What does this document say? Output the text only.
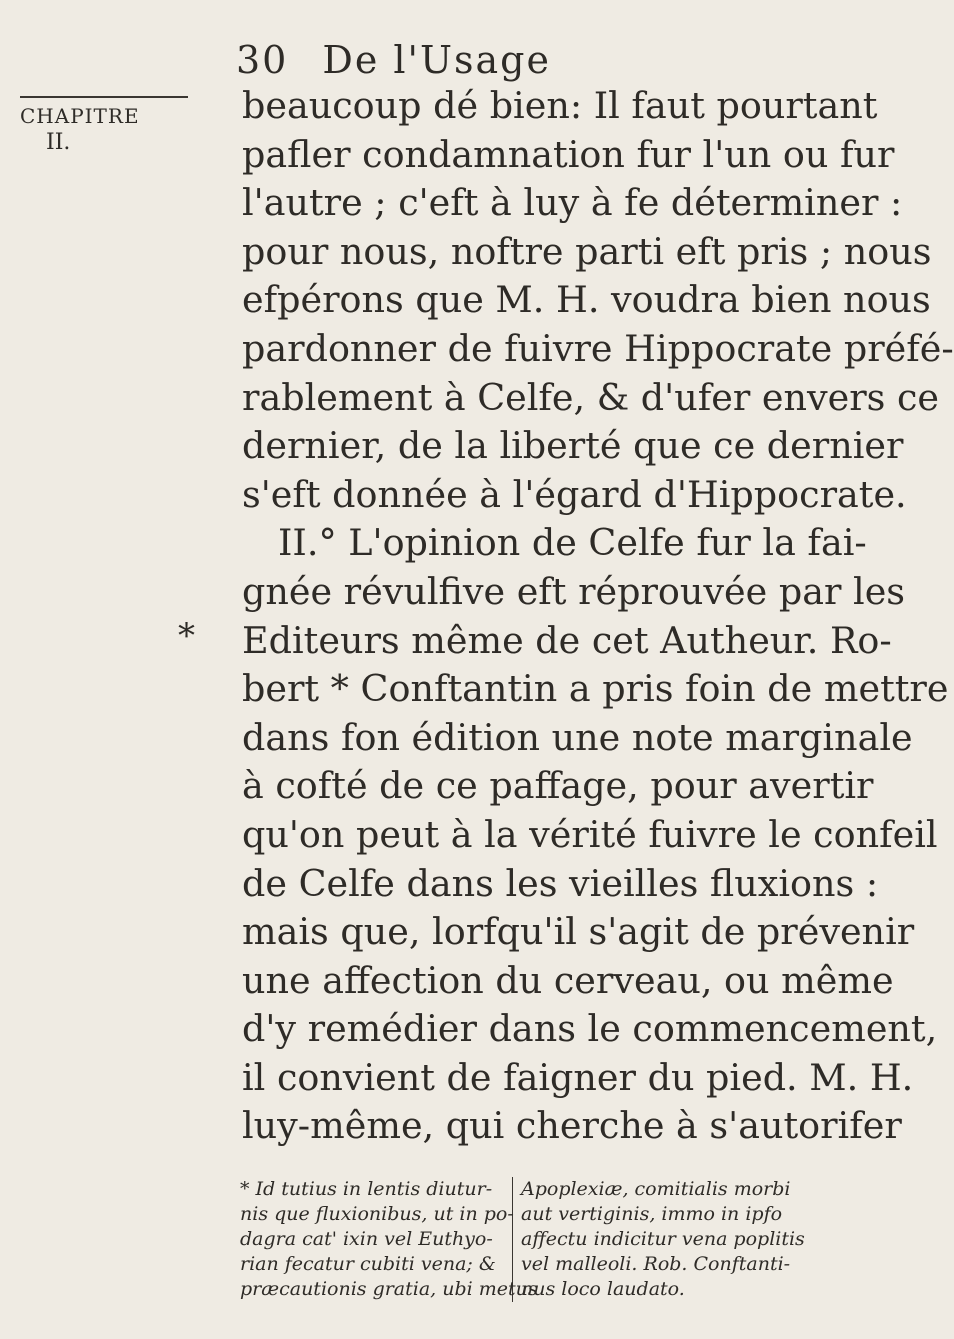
30 De l'Usage
CHAPITRE
II.
*
beaucoup dé bien: Il faut pourtant
pafler condamnation fur l'un ou fur
l'autre ; c'eft à luy à fe déterminer :
pour nous, noftre parti eft pris ; nous
efpérons que M. H. voudra bien nous
pardonner de fuivre Hippocrate préfé-
rablement à Celfe, & d'ufer envers ce
dernier, de la liberté que ce dernier
s'eft donnée à l'égard d'Hippocrate.
II.° L'opinion de Celfe fur la fai-
gnée révulfive eft réprouvée par les
Editeurs même de cet Autheur. Ro-
bert * Conftantin a pris foin de mettre
dans fon édition une note marginale
à cofté de ce paffage, pour avertir
qu'on peut à la vérité fuivre le confeil
de Celfe dans les vieilles fluxions :
mais que, lorfqu'il s'agit de prévenir
une affection du cerveau, ou même
d'y remédier dans le commencement,
il convient de faigner du pied. M. H.
luy-même, qui cherche à s'autorifer
* Id tutius in lentis diutur-
nis que fluxionibus, ut in po-
dagra cat' ixin vel Euthyo-
rian fecatur cubiti vena; &
præcautionis gratia, ubi metus
Apoplexiæ, comitialis morbi
aut vertiginis, immo in ipfo
affectu indicitur vena poplitis
vel malleoli. Rob. Conftanti-
nus loco laudato.
